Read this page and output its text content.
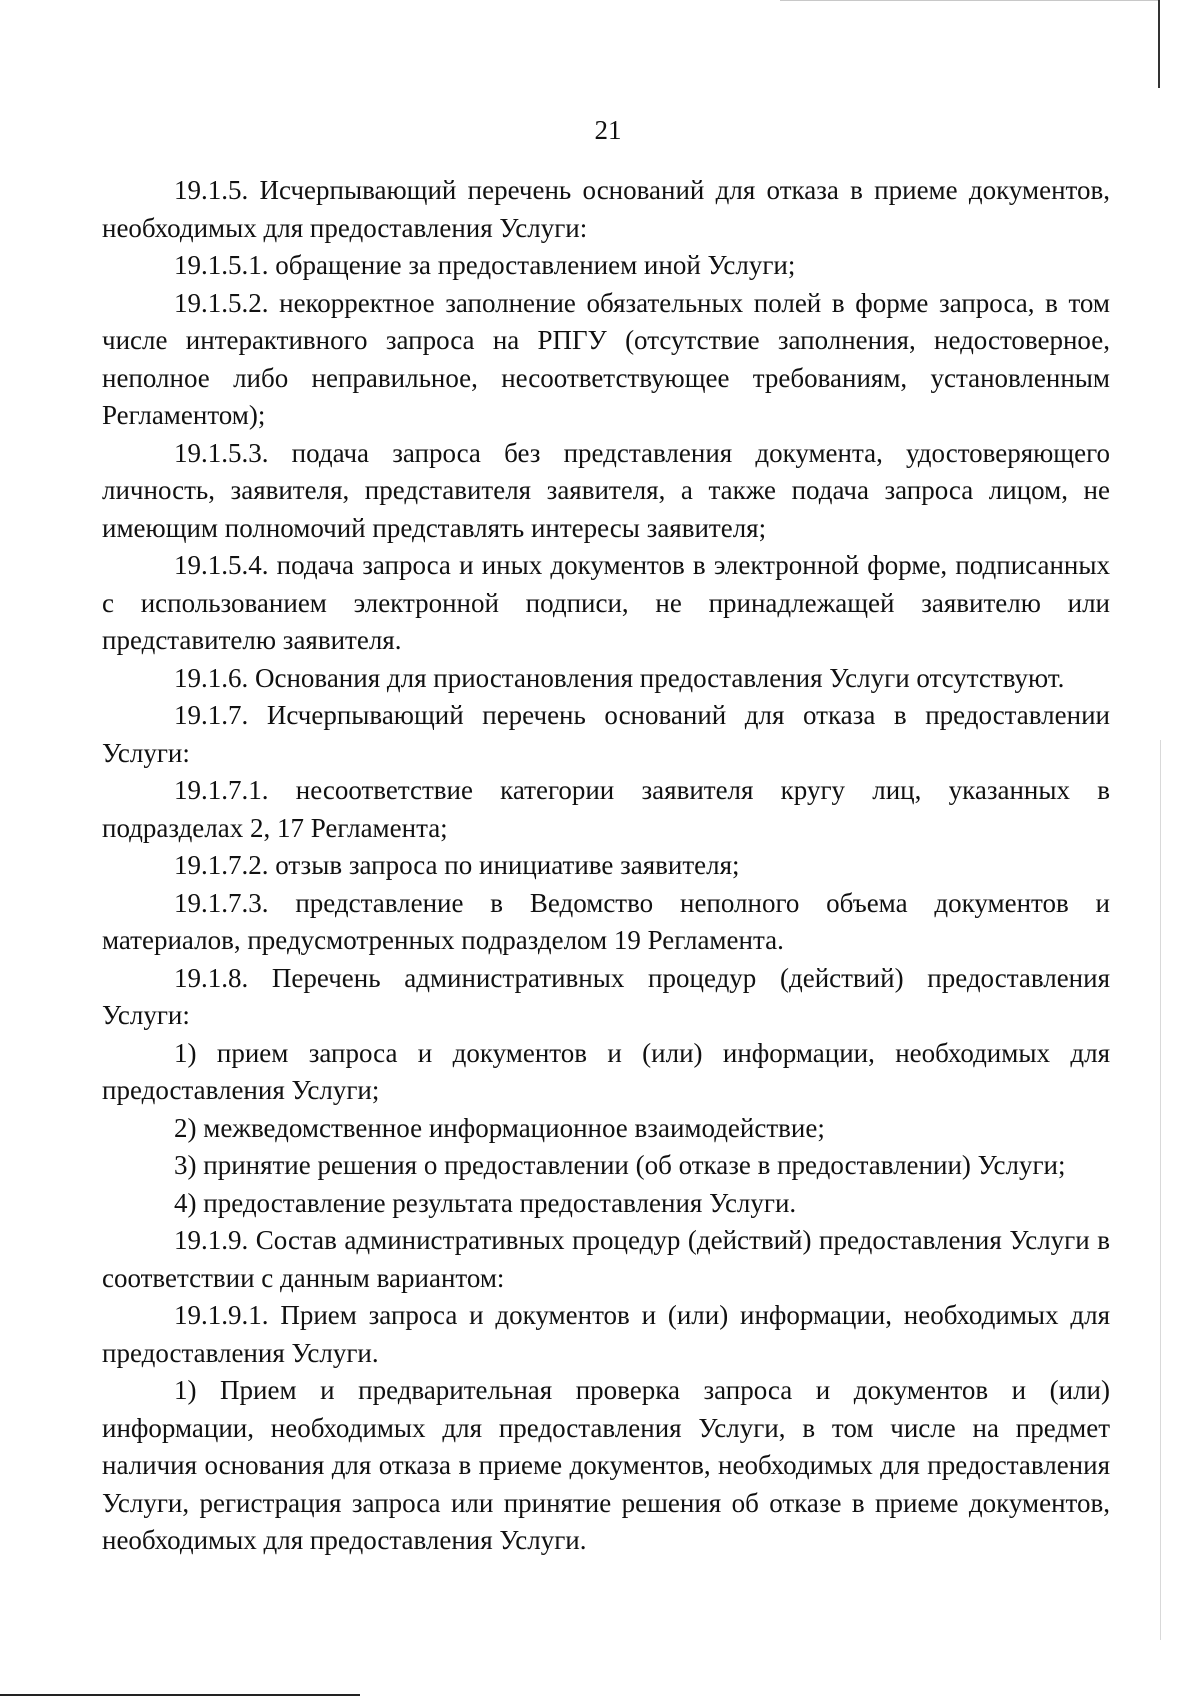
21

19.1.5. Исчерпывающий перечень оснований для отказа в приеме документов, необходимых для предоставления Услуги:

19.1.5.1. обращение за предоставлением иной Услуги;

19.1.5.2. некорректное заполнение обязательных полей в форме запроса, в том числе интерактивного запроса на РПГУ (отсутствие заполнения, недостоверное, неполное либо неправильное, несоответствующее требованиям, установленным Регламентом);

19.1.5.3. подача запроса без представления документа, удостоверяющего личность, заявителя, представителя заявителя, а также подача запроса лицом, не имеющим полномочий представлять интересы заявителя;

19.1.5.4. подача запроса и иных документов в электронной форме, подписанных с использованием электронной подписи, не принадлежащей заявителю или представителю заявителя.

19.1.6. Основания для приостановления предоставления Услуги отсутствуют.

19.1.7. Исчерпывающий перечень оснований для отказа в предоставлении Услуги:

19.1.7.1. несоответствие категории заявителя кругу лиц, указанных в подразделах 2, 17 Регламента;

19.1.7.2. отзыв запроса по инициативе заявителя;

19.1.7.3. представление в Ведомство неполного объема документов и материалов, предусмотренных подразделом 19 Регламента.

19.1.8. Перечень административных процедур (действий) предоставления Услуги:

1) прием запроса и документов и (или) информации, необходимых для предоставления Услуги;

2) межведомственное информационное взаимодействие;

3) принятие решения о предоставлении (об отказе в предоставлении) Услуги;

4) предоставление результата предоставления Услуги.

19.1.9. Состав административных процедур (действий) предоставления Услуги в соответствии с данным вариантом:

19.1.9.1. Прием запроса и документов и (или) информации, необходимых для предоставления Услуги.

1) Прием и предварительная проверка запроса и документов и (или) информации, необходимых для предоставления Услуги, в том числе на предмет наличия основания для отказа в приеме документов, необходимых для предоставления Услуги, регистрация запроса или принятие решения об отказе в приеме документов, необходимых для предоставления Услуги.
